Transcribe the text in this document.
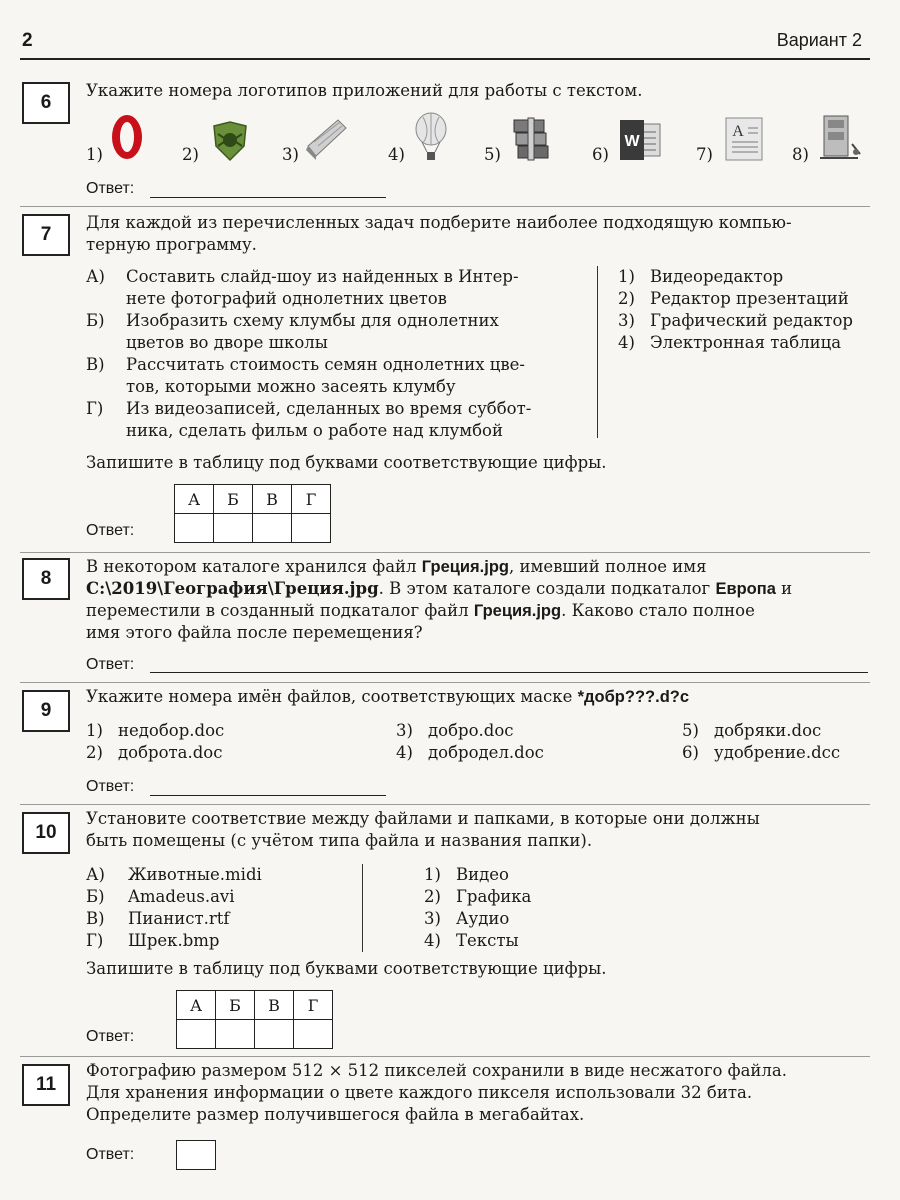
2	Вариант 2
6
Укажите номера логотипов приложений для работы с текстом.
1)	2)	3)	4)	5)	6)
W
7)
A
8)
Ответ:
7
Для каждой из перечисленных задач подберите наиболее подходящую компью-
терную программу.
А) Составить слайд-шоу из найденных в Интер-
нете фотографий однолетних цветов
Б) Изобразить схему клумбы для однолетних
цветов во дворе школы
В) Рассчитать стоимость семян однолетних цве-
тов, которыми можно засеять клумбу
Г) Из видеозаписей, сделанных во время суббот-
ника, сделать фильм о работе над клумбой
1) Видеоредактор
2) Редактор презентаций
3) Графический редактор
4) Электронная таблица
Запишите в таблицу под буквами соответствующие цифры.
Ответ:
А	Б	В	Г

8
В некотором каталоге хранился файл Греция.jpg, имевший полное имя
C:\2019\География\Греция.jpg. В этом каталоге создали подкаталог Европа и
переместили в созданный подкаталог файл Греция.jpg. Каково стало полное
имя этого файла после перемещения?
Ответ:
9
Укажите номера имён файлов, соответствующих маске *добр???.d?c
1) недобор.doc
2) доброта.doc
3) добро.doc
4) добродел.doc
5) добряки.doc
6) удобрение.dcc
Ответ:
10
Установите соответствие между файлами и папками, в которые они должны
быть помещены (с учётом типа файла и названия папки).
А) Животные.midi
Б) Amadeus.avi
В) Пианист.rtf
Г) Шрек.bmp
1) Видео
2) Графика
3) Аудио
4) Тексты
Запишите в таблицу под буквами соответствующие цифры.
Ответ:
А	Б	В	Г

11
Фотографию размером 512 × 512 пикселей сохранили в виде несжатого файла.
Для хранения информации о цвете каждого пикселя использовали 32 бита.
Определите размер получившегося файла в мегабайтах.
Ответ:
